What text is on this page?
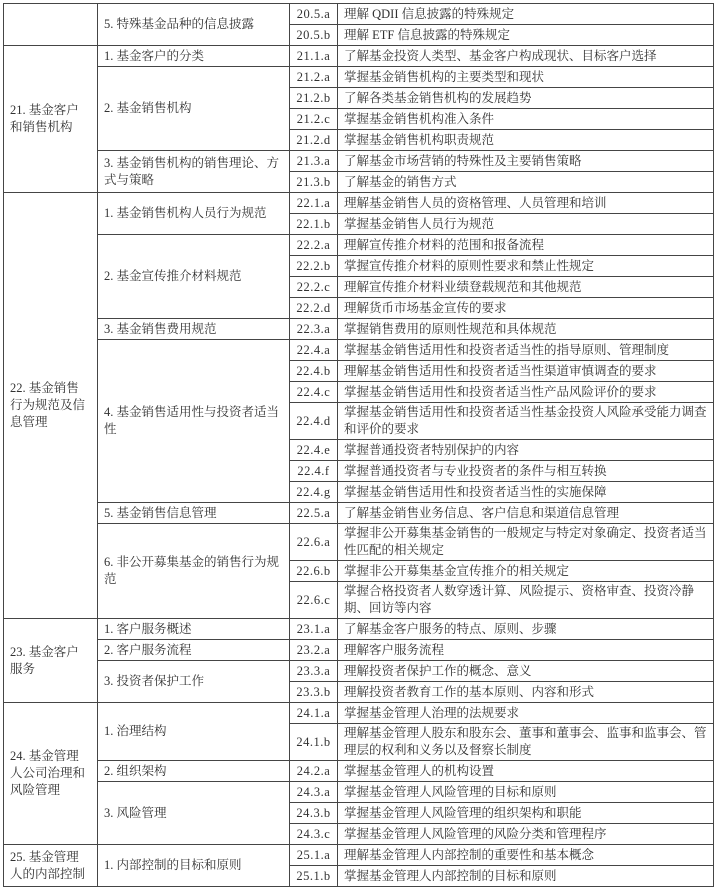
	5. 特殊基金品种的信息披露	20.5.a	理解 QDII 信息披露的特殊规定
		20.5.b	理解 ETF 信息披露的特殊规定
21. 基金客户和销售机构	1. 基金客户的分类	21.1.a	了解基金投资人类型、基金客户构成现状、目标客户选择
	2. 基金销售机构	21.2.a	掌握基金销售机构的主要类型和现状
		21.2.b	了解各类基金销售机构的发展趋势
		21.2.c	掌握基金销售机构准入条件
		21.2.d	掌握基金销售机构职责规范
	3. 基金销售机构的销售理论、方式与策略	21.3.a	了解基金市场营销的特殊性及主要销售策略
		21.3.b	了解基金的销售方式
22. 基金销售行为规范及信息管理	1. 基金销售机构人员行为规范	22.1.a	理解基金销售人员的资格管理、人员管理和培训
		22.1.b	掌握基金销售人员行为规范
	2. 基金宣传推介材料规范	22.2.a	理解宣传推介材料的范围和报备流程
		22.2.b	掌握宣传推介材料的原则性要求和禁止性规定
		22.2.c	理解宣传推介材料业绩登载规范和其他规范
		22.2.d	理解货币市场基金宣传的要求
	3. 基金销售费用规范	22.3.a	掌握销售费用的原则性规范和具体规范
	4. 基金销售适用性与投资者适当性	22.4.a	掌握基金销售适用性和投资者适当性的指导原则、管理制度
		22.4.b	理解基金销售适用性和投资者适当性渠道审慎调查的要求
		22.4.c	掌握基金销售适用性和投资者适当性产品风险评价的要求
		22.4.d	掌握基金销售适用性和投资者适当性基金投资人风险承受能力调查和评价的要求
		22.4.e	掌握普通投资者特别保护的内容
		22.4.f	掌握普通投资者与专业投资者的条件与相互转换
		22.4.g	掌握基金销售适用性和投资者适当性的实施保障
	5. 基金销售信息管理	22.5.a	了解基金销售业务信息、客户信息和渠道信息管理
	6. 非公开募集基金的销售行为规范	22.6.a	掌握非公开募集基金销售的一般规定与特定对象确定、投资者适当性匹配的相关规定
		22.6.b	掌握非公开募集基金宣传推介的相关规定
		22.6.c	掌握合格投资者人数穿透计算、风险提示、资格审查、投资冷静期、回访等内容
23. 基金客户服务	1. 客户服务概述	23.1.a	了解基金客户服务的特点、原则、步骤
	2. 客户服务流程	23.2.a	理解客户服务流程
	3. 投资者保护工作	23.3.a	理解投资者保护工作的概念、意义
		23.3.b	理解投资者教育工作的基本原则、内容和形式
24. 基金管理人公司治理和风险管理	1. 治理结构	24.1.a	掌握基金管理人治理的法规要求
		24.1.b	理解基金管理人股东和股东会、董事和董事会、监事和监事会、管理层的权利和义务以及督察长制度
	2. 组织架构	24.2.a	掌握基金管理人的机构设置
	3. 风险管理	24.3.a	掌握基金管理人风险管理的目标和原则
		24.3.b	掌握基金管理人风险管理的组织架构和职能
		24.3.c	掌握基金管理人风险管理的风险分类和管理程序
25. 基金管理人的内部控制	1. 内部控制的目标和原则	25.1.a	理解基金管理人内部控制的重要性和基本概念
		25.1.b	掌握基金管理人内部控制的目标和原则
